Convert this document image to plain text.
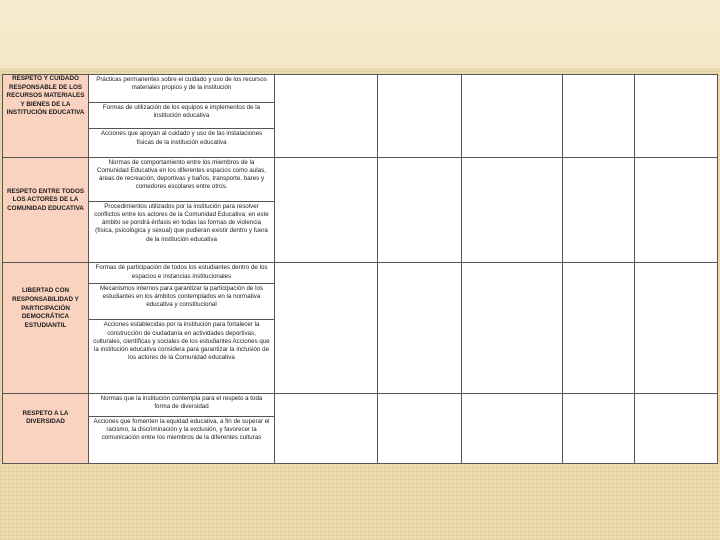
RESPETO Y CUIDADO RESPONSABLE DE LOS RECURSOS MATERIALES Y BIENES DE LA INSTITUCIÓN EDUCATIVA	Prácticas permanentes sobre el cuidado y uso de los recursos materiales propios y de la institución					
	Formas de utilización de los equipos e implementos de la institución educativa					
	Acciones que apoyan al cuidado y uso de las instalaciones físicas de la institución educativa					

RESPETO ENTRE TODOS LOS ACTORES DE LA COMUNIDAD EDUCATIVA	Normas de comportamiento entre los miembros de la Comunidad Educativa en los diferentes espacios como aulas, áreas de recreación, deportivas y baños, transporte, bares y comedores escolares entre otros.					
	Procedimientos utilizados por la institución para resolver conflictos entre los actores de la Comunidad Educativa; en este ámbito se pondrá énfasis en todas las formas de violencia (física, psicológica y sexual) que pudieran existir dentro y fuera de la institución educativa					

LIBERTAD CON RESPONSABILIDAD Y PARTICIPACIÓN DEMOCRÁTICA ESTUDIANTIL	Formas de participación de todos los estudiantes dentro de los espacios e instancias institucionales					
	Mecanismos internos para garantizar la participación de los estudiantes en los ámbitos contemplados en la normativa educativa y constitucional					
	Acciones establecidas por la institución para fortalecer la construcción de ciudadanía en actividades deportivas, culturales, científicas y sociales de los estudiantes Acciones que la institución educativa considera para garantizar la inclusión de los actores de la Comunidad educativa					

RESPETO A LA DIVERSIDAD	Normas que la institución contempla para el respeto a toda forma de diversidad					
	Acciones que fomenten la equidad educativa, a fin de superar el racismo, la discriminación y la exclusión, y favorecer la comunicación entre los miembros de la diferentes culturas					
